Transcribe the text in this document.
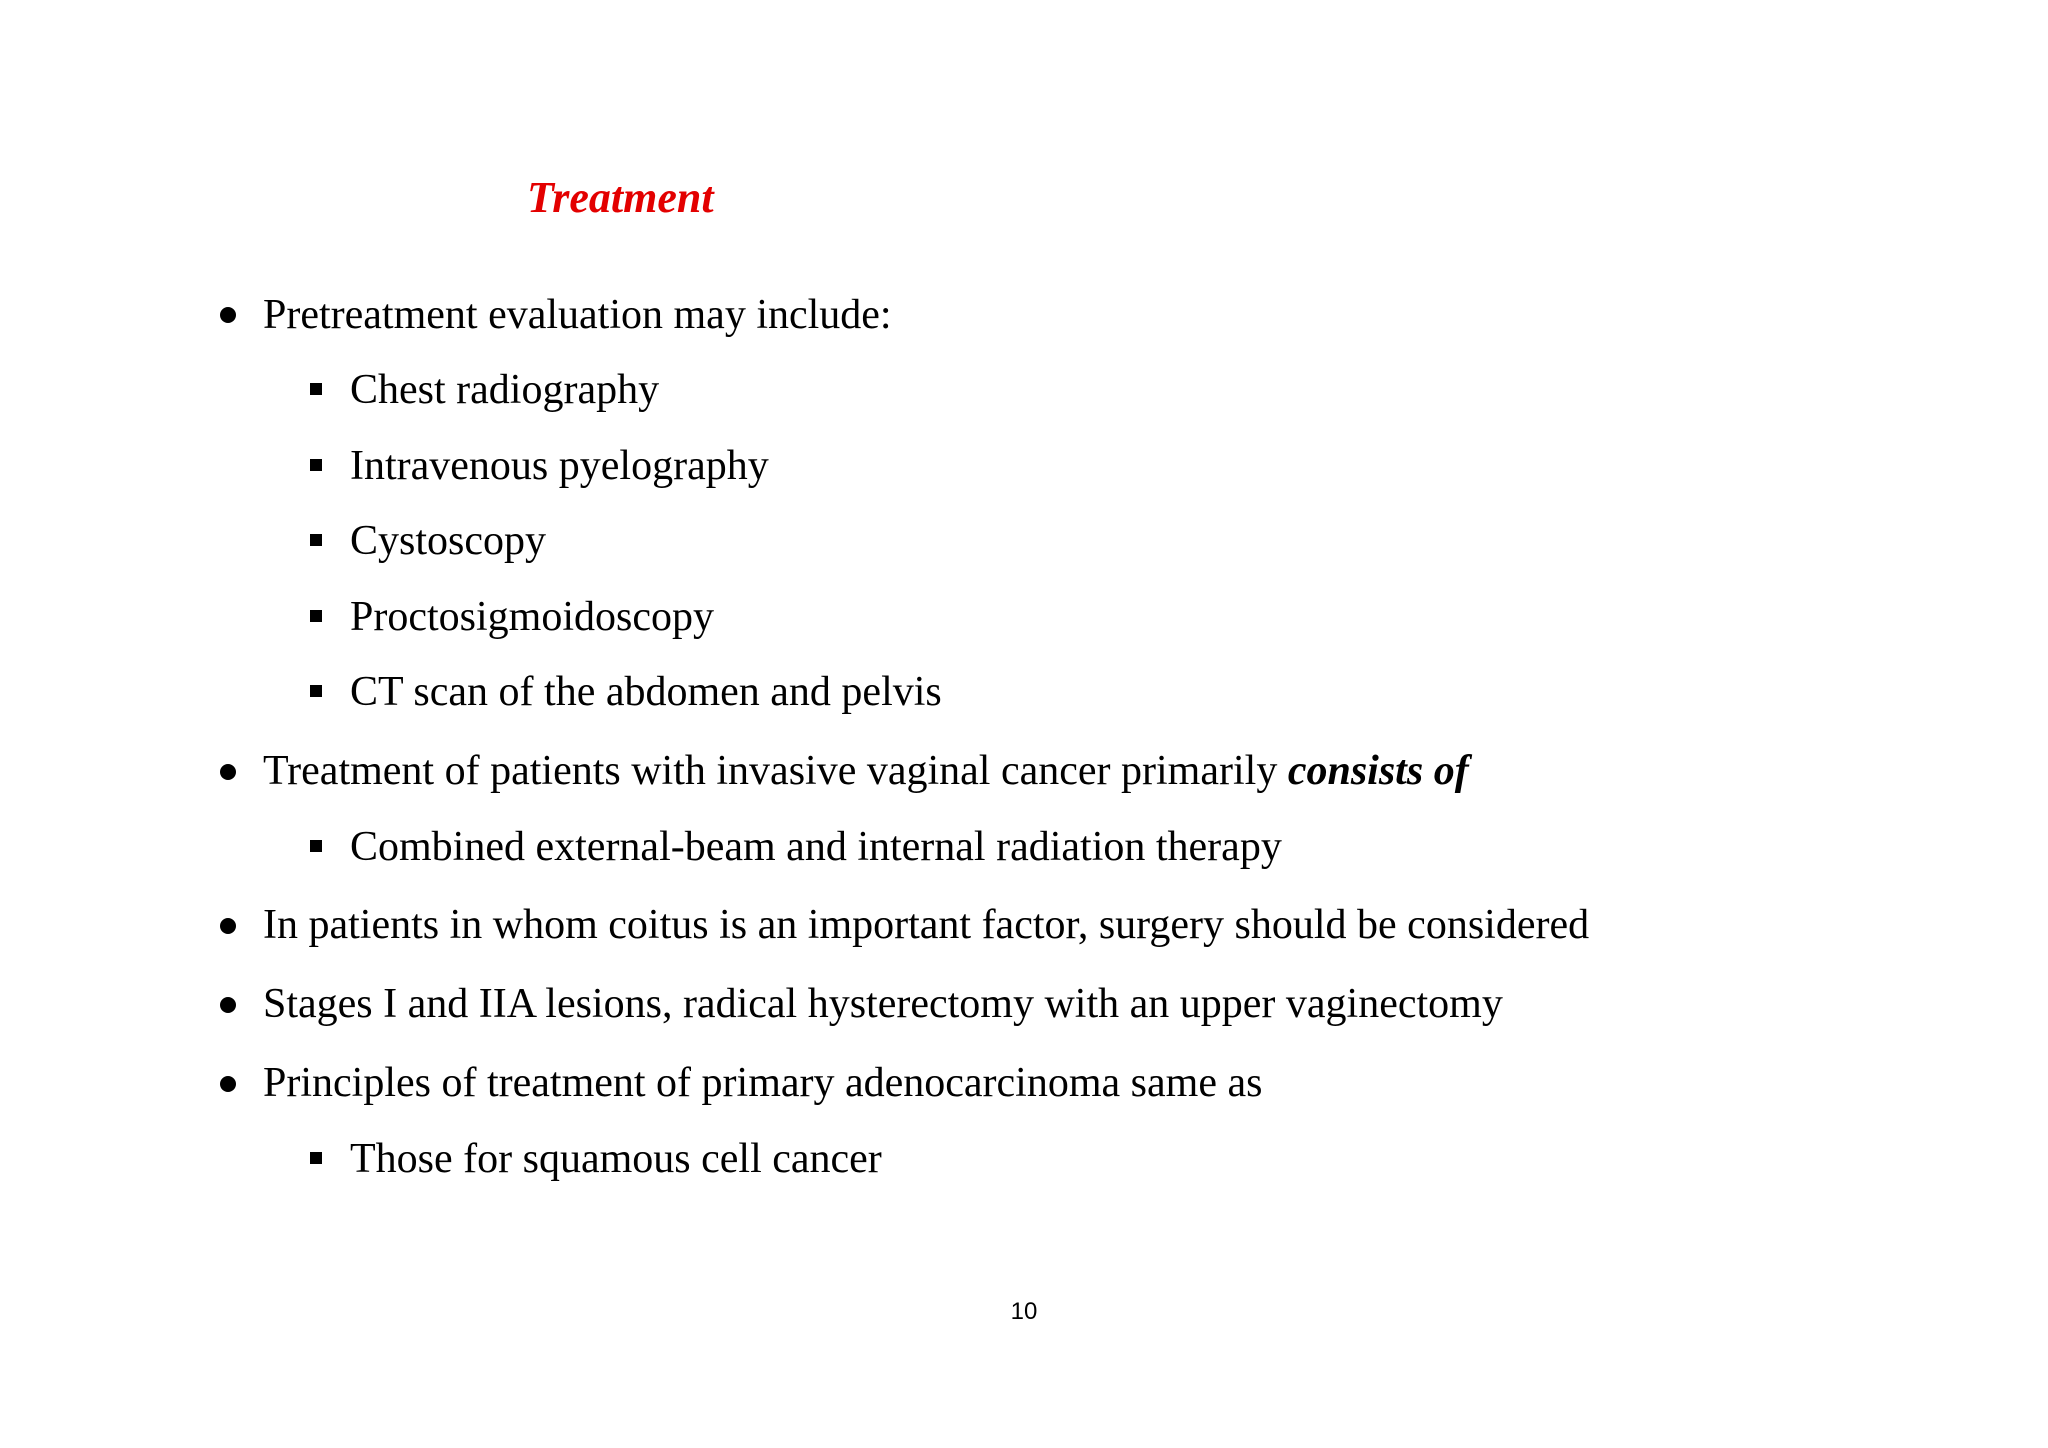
Treatment
Pretreatment evaluation may include:
Chest radiography
Intravenous pyelography
Cystoscopy
Proctosigmoidoscopy
CT scan of the abdomen and pelvis
Treatment of patients with invasive vaginal cancer primarily consists of
Combined external-beam and internal radiation therapy
In patients in whom coitus is an important factor, surgery should be considered
Stages I and IIA lesions, radical hysterectomy with an upper vaginectomy
Principles of treatment of primary adenocarcinoma same as
Those for squamous cell cancer
10
